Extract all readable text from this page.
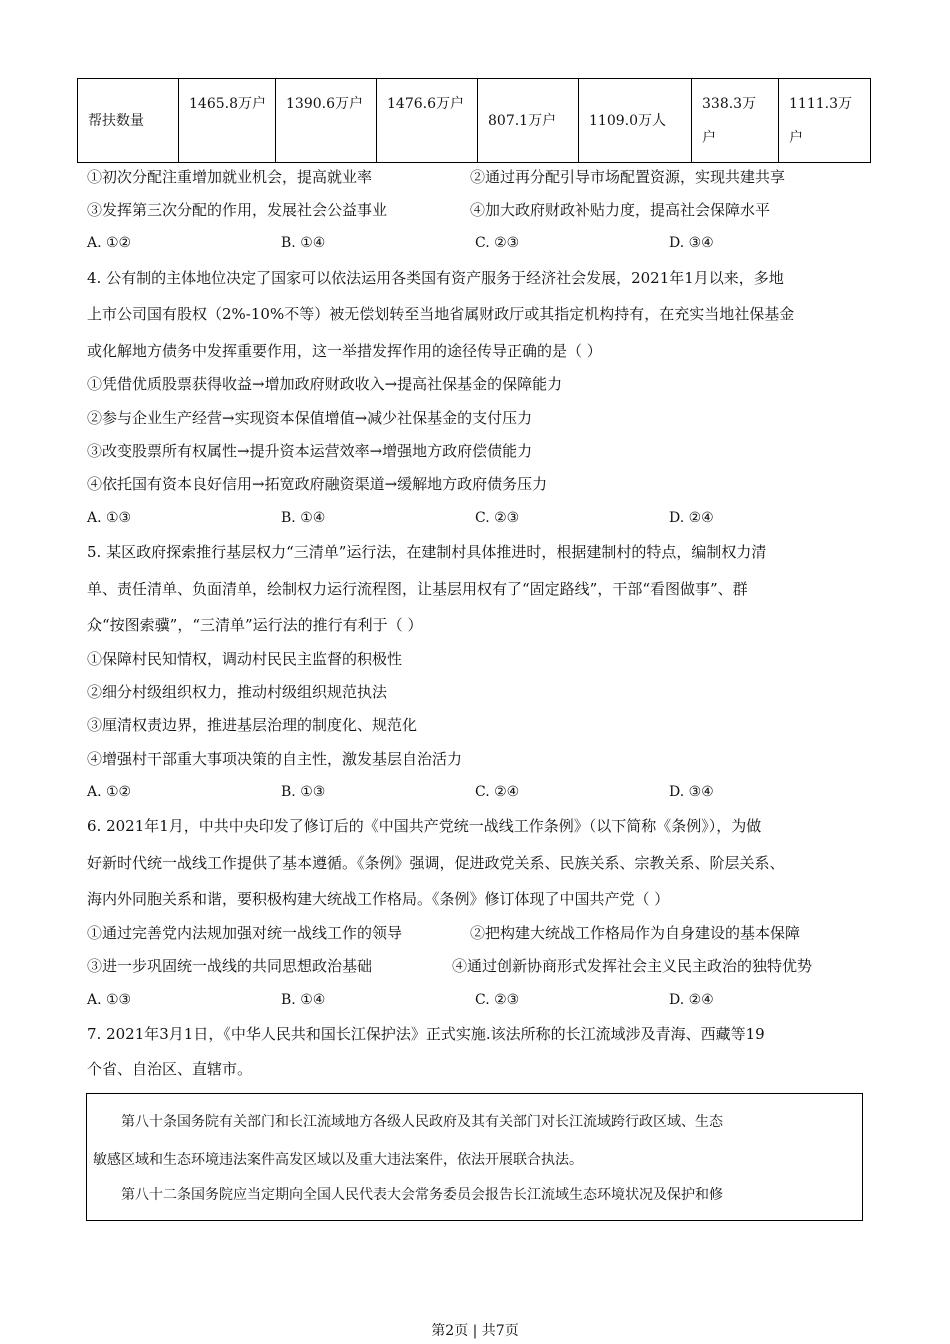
帮扶数量	1465.8万户	1390.6万户	1476.6万户	807.1万户	1109.0万人	338.3万户	1111.3万户
①初次分配注重增加就业机会，提高就业率	②通过再分配引导市场配置资源，实现共建共享
③发挥第三次分配的作用，发展社会公益事业	④加大政府财政补贴力度，提高社会保障水平
A. ①②	B. ①④	C. ②③	D. ③④
4. 公有制的主体地位决定了国家可以依法运用各类国有资产服务于经济社会发展，2021年1月以来，多地
上市公司国有股权（2%-10%不等）被无偿划转至当地省属财政厅或其指定机构持有，在充实当地社保基金
或化解地方债务中发挥重要作用，这一举措发挥作用的途径传导正确的是（ ）
①凭借优质股票获得收益→增加政府财政收入→提高社保基金的保障能力
②参与企业生产经营→实现资本保值增值→减少社保基金的支付压力
③改变股票所有权属性→提升资本运营效率→增强地方政府偿债能力
④依托国有资本良好信用→拓宽政府融资渠道→缓解地方政府债务压力
A. ①③	B. ①④	C. ②③	D. ②④
5. 某区政府探索推行基层权力“三清单”运行法，在建制村具体推进时，根据建制村的特点，编制权力清
单、责任清单、负面清单，绘制权力运行流程图，让基层用权有了“固定路线”，干部“看图做事”、群
众“按图索骥”，“三清单”运行法的推行有利于（ ）
①保障村民知情权，调动村民民主监督的积极性
②细分村级组织权力，推动村级组织规范执法
③厘清权责边界，推进基层治理的制度化、规范化
④增强村干部重大事项决策的自主性，激发基层自治活力
A. ①②	B. ①③	C. ②④	D. ③④
6. 2021年1月，中共中央印发了修订后的《中国共产党统一战线工作条例》（以下简称《条例》），为做
好新时代统一战线工作提供了基本遵循。《条例》强调，促进政党关系、民族关系、宗教关系、阶层关系、
海内外同胞关系和谐，要积极构建大统战工作格局。《条例》修订体现了中国共产党（ ）
①通过完善党内法规加强对统一战线工作的领导	②把构建大统战工作格局作为自身建设的基本保障
③进一步巩固统一战线的共同思想政治基础	④通过创新协商形式发挥社会主义民主政治的独特优势
A. ①③	B. ①④	C. ②③	D. ②④
7. 2021年3月1日，《中华人民共和国长江保护法》正式实施.该法所称的长江流域涉及青海、西藏等19
个省、自治区、直辖市。
第八十条国务院有关部门和长江流域地方各级人民政府及其有关部门对长江流域跨行政区域、生态
敏感区域和生态环境违法案件高发区域以及重大违法案件，依法开展联合执法。
第八十二条国务院应当定期向全国人民代表大会常务委员会报告长江流域生态环境状况及保护和修
第2页 | 共7页
